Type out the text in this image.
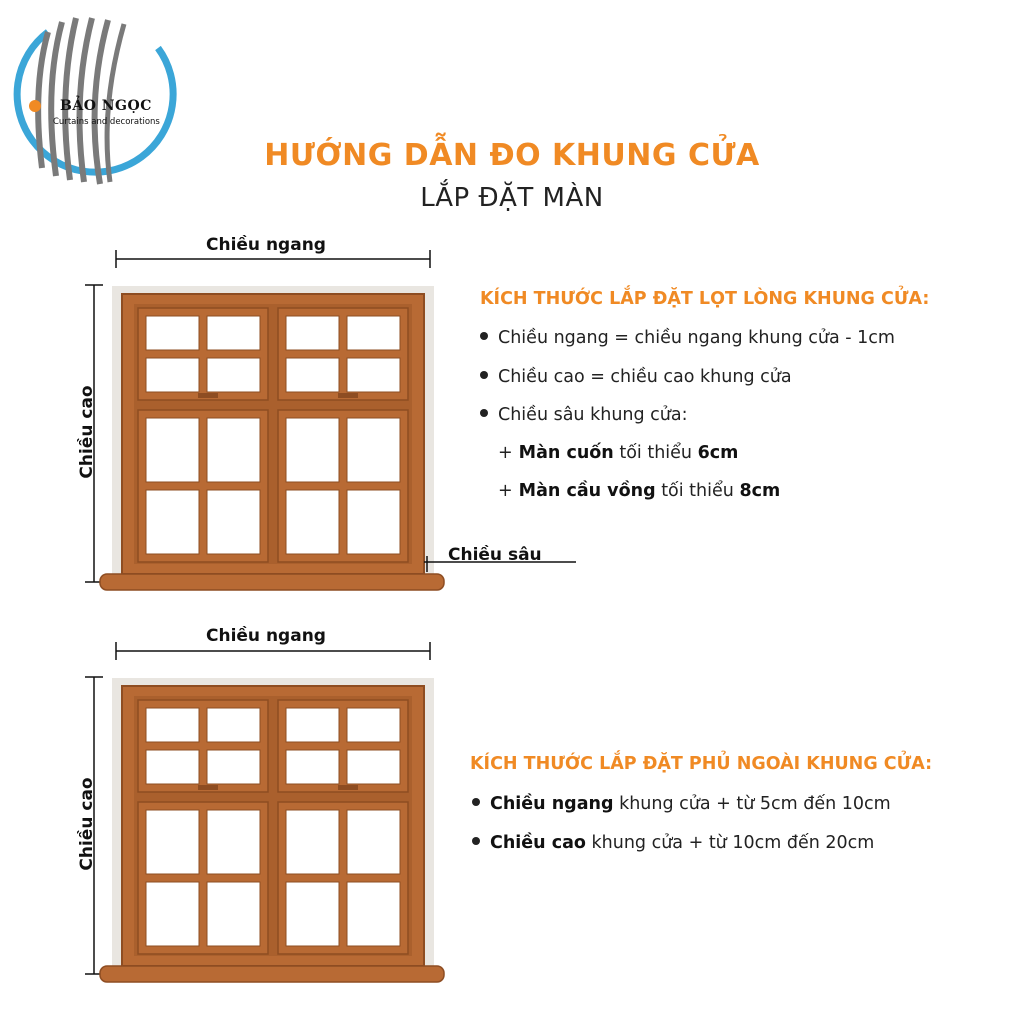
BẢO NGỌC
Curtains and decorations
HƯỚNG DẪN ĐO KHUNG CỬA
LẮP ĐẶT MÀN
Chiều ngang
Chiều cao
Chiều sâu
Chiều ngang
Chiều cao
KÍCH THƯỚC LẮP ĐẶT LỌT LÒNG KHUNG CỬA:
Chiều ngang = chiều ngang khung cửa - 1cm
Chiều cao = chiều cao khung cửa
Chiều sâu khung cửa:
+ Màn cuốn tối thiểu 6cm
+ Màn cầu vồng tối thiểu 8cm
KÍCH THƯỚC LẮP ĐẶT PHỦ NGOÀI KHUNG CỬA:
Chiều ngang khung cửa + từ 5cm đến 10cm
Chiều cao khung cửa + từ 10cm đến 20cm
